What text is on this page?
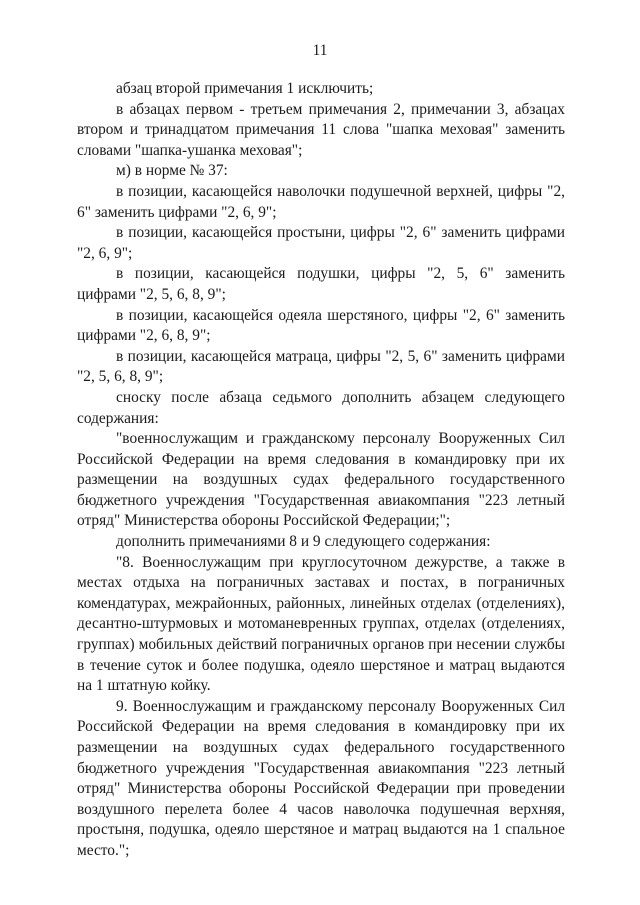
11

абзац второй примечания 1 исключить;

в абзацах первом - третьем примечания 2, примечании 3, абзацах втором и тринадцатом примечания 11 слова "шапка меховая" заменить словами "шапка-ушанка меховая";

м) в норме № 37:

в позиции, касающейся наволочки подушечной верхней, цифры "2, 6" заменить цифрами "2, 6, 9";

в позиции, касающейся простыни, цифры "2, 6" заменить цифрами "2, 6, 9";

в позиции, касающейся подушки, цифры "2, 5, 6" заменить цифрами "2, 5, 6, 8, 9";

в позиции, касающейся одеяла шерстяного, цифры "2, 6" заменить цифрами "2, 6, 8, 9";

в позиции, касающейся матраца, цифры "2, 5, 6" заменить цифрами "2, 5, 6, 8, 9";

сноску после абзаца седьмого дополнить абзацем следующего содержания:

"военнослужащим и гражданскому персоналу Вооруженных Сил Российской Федерации на время следования в командировку при их размещении на воздушных судах федерального государственного бюджетного учреждения "Государственная авиакомпания "223 летный отряд" Министерства обороны Российской Федерации;";

дополнить примечаниями 8 и 9 следующего содержания:

"8. Военнослужащим при круглосуточном дежурстве, а также в местах отдыха на пограничных заставах и постах, в пограничных комендатурах, межрайонных, районных, линейных отделах (отделениях), десантно-штурмовых и мотоманевренных группах, отделах (отделениях, группах) мобильных действий пограничных органов при несении службы в течение суток и более подушка, одеяло шерстяное и матрац выдаются на 1 штатную койку.

9. Военнослужащим и гражданскому персоналу Вооруженных Сил Российской Федерации на время следования в командировку при их размещении на воздушных судах федерального государственного бюджетного учреждения "Государственная авиакомпания "223 летный отряд" Министерства обороны Российской Федерации при проведении воздушного перелета более 4 часов наволочка подушечная верхняя, простыня, подушка, одеяло шерстяное и матрац выдаются на 1 спальное место.";
